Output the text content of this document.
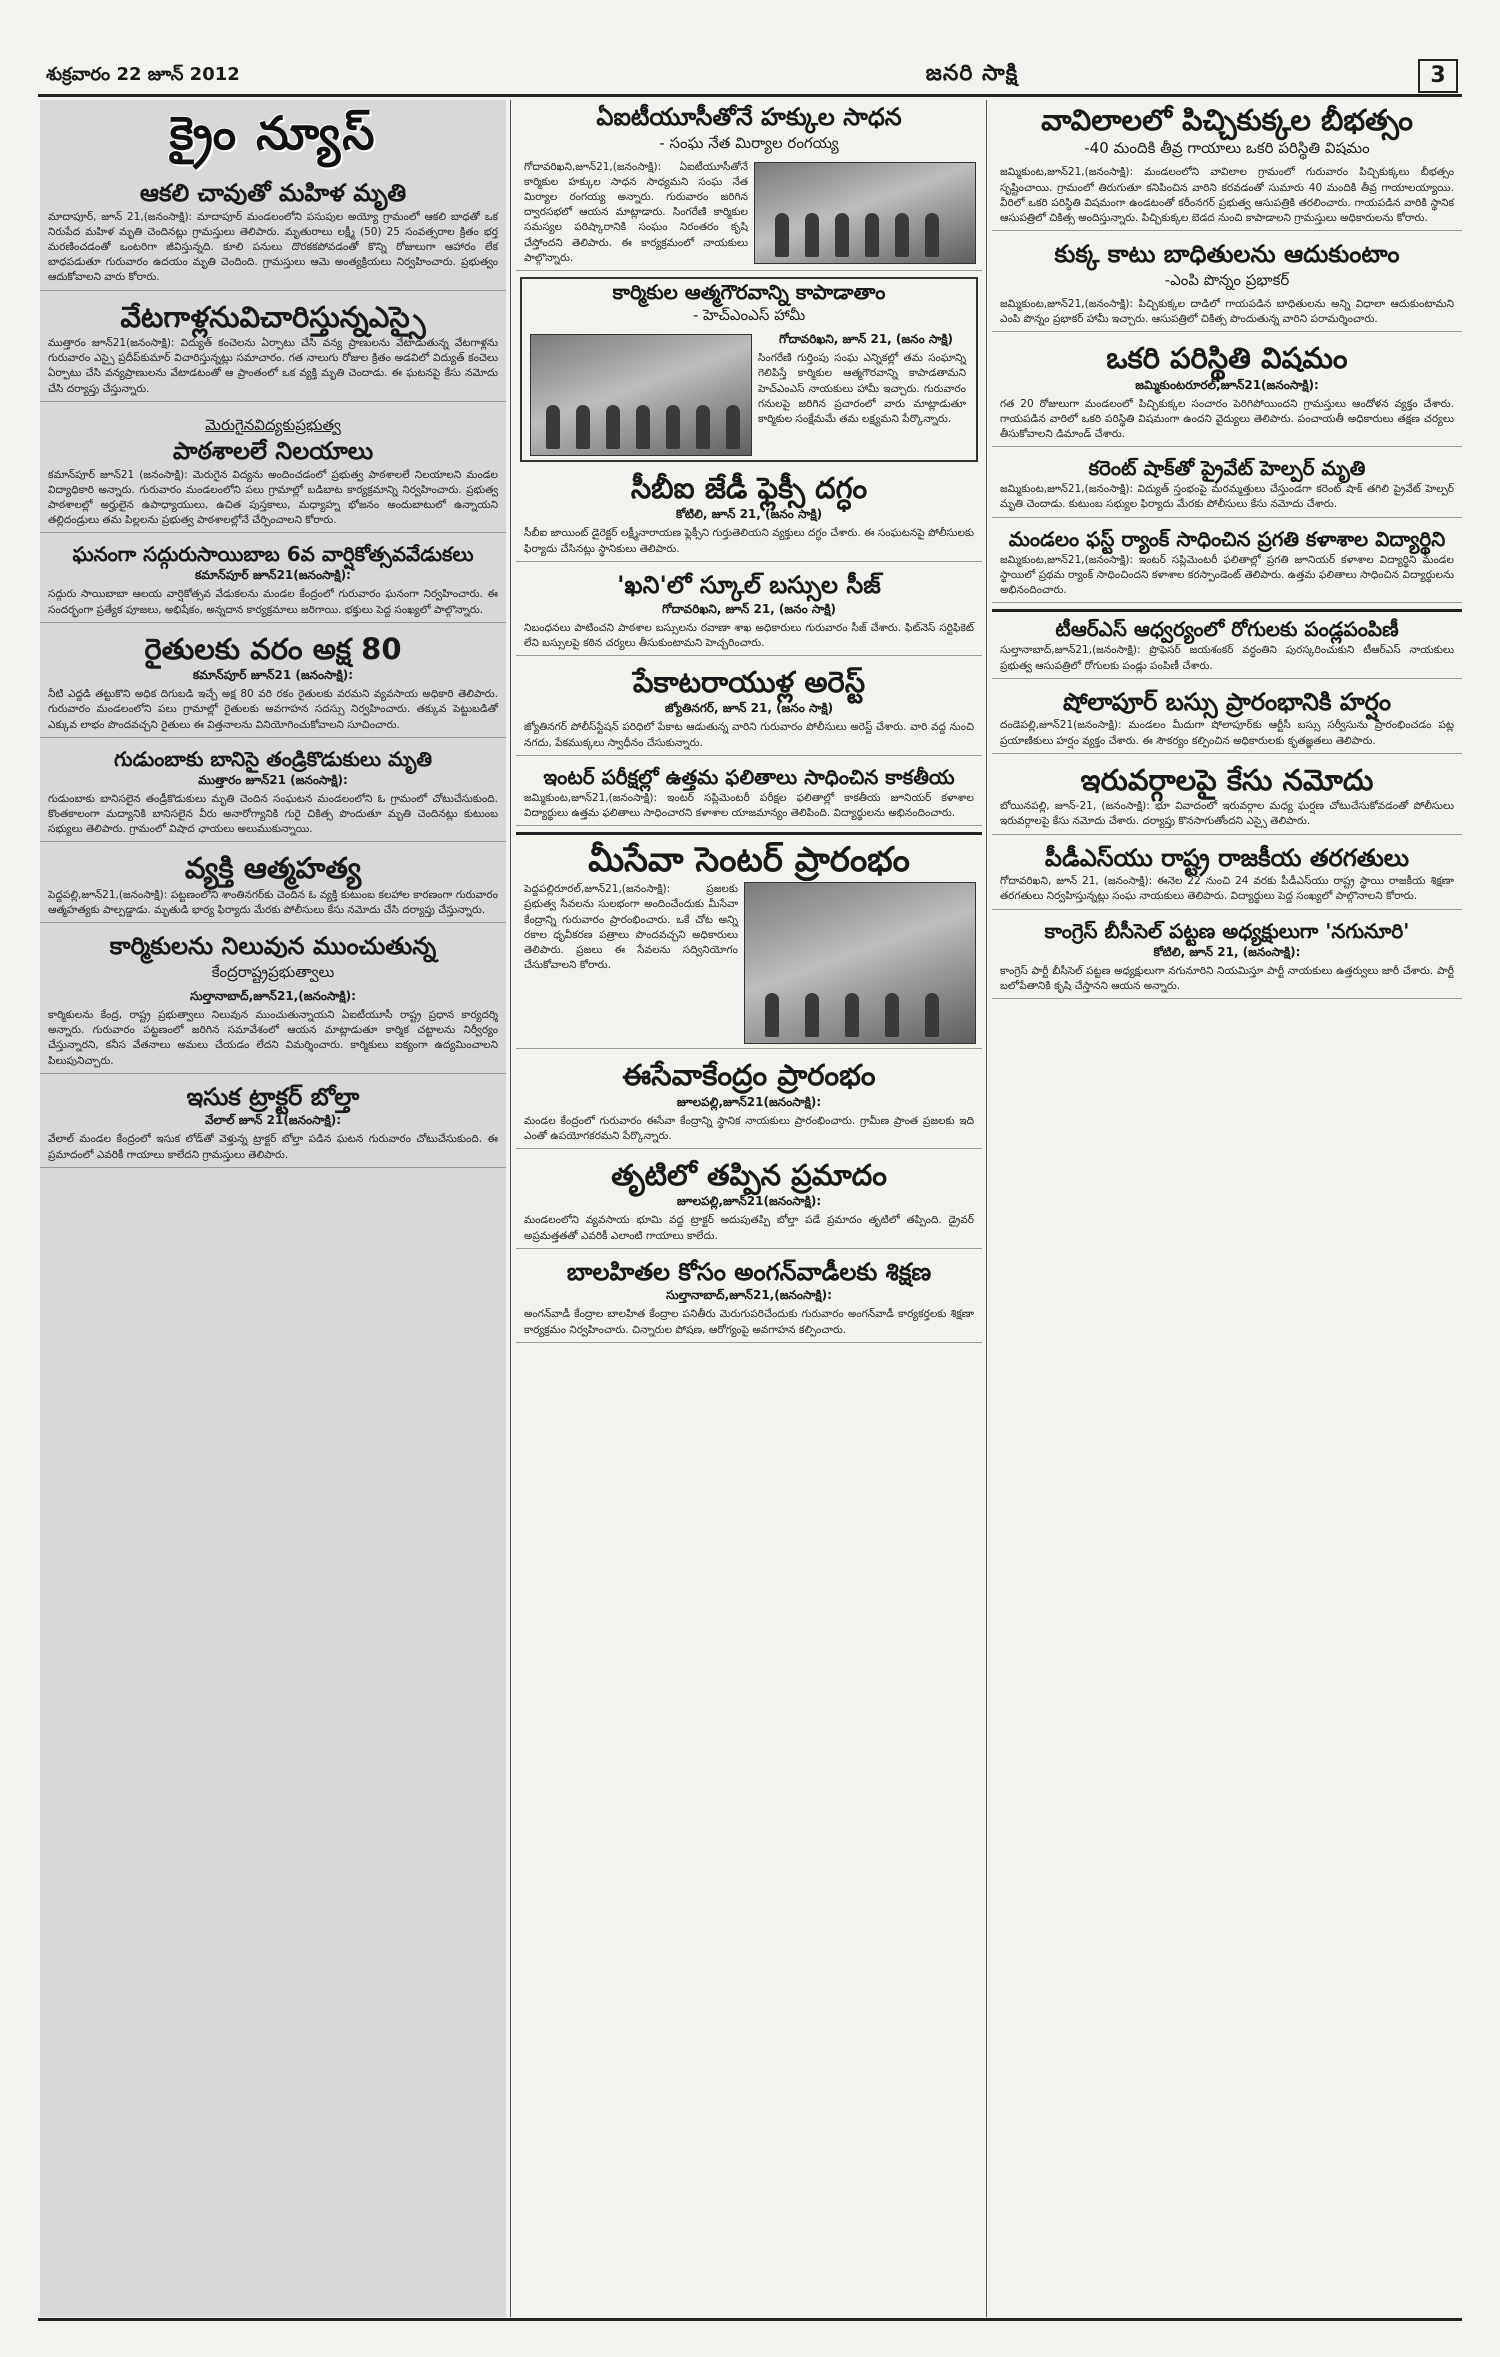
శుక్రవారం 22 జూన్ 2012	జనరి సాక్షి	3
క్రైం న్యూస్
ఆకలి చావుతో మహిళ మృతి

మాదాపూర్, జూన్ 21,(జనంసాక్షి): మాదాపూర్ మండలంలోని పసుపుల అయ్యో గ్రామంలో ఆకలి బాధతో ఒక నిరుపేద మహిళ మృతి చెందినట్లు గ్రామస్తులు తెలిపారు. మృతురాలు లక్ష్మీ (50) 25 సంవత్సరాల క్రితం భర్త మరణించడంతో ఒంటరిగా జీవిస్తున్నది. కూలి పనులు దొరకకపోవడంతో కొన్ని రోజులుగా ఆహారం లేక బాధపడుతూ గురువారం ఉదయం మృతి చెందింది. గ్రామస్తులు ఆమె అంత్యక్రియలు నిర్వహించారు. ప్రభుత్వం ఆదుకోవాలని వారు కోరారు.

వేటగాళ్లనువిచారిస్తున్నఎస్సై

ముత్తారం జూన్21(జనంసాక్షి): విద్యుత్ కంచెలను ఏర్పాటు చేసి వన్య ప్రాణులను వేటాడుతున్న వేటగాళ్లను గురువారం ఎస్సై ప్రదీప్‌కుమార్ విచారిస్తున్నట్లు సమాచారం. గత నాలుగు రోజుల క్రితం అడవిలో విద్యుత్ కంచెలు ఏర్పాటు చేసి వన్యప్రాణులను వేటాడటంతో ఆ ప్రాంతంలో ఒక వ్యక్తి మృతి చెందాడు. ఈ ఘటనపై కేసు నమోదు చేసి దర్యాప్తు చేస్తున్నారు.

మెరుగైనవిద్యకుప్రభుత్వ
పాఠశాలలే నిలయాలు

కమాన్‌పూర్ జూన్21 (జనంసాక్షి): మెరుగైన విద్యను అందించడంలో ప్రభుత్వ పాఠశాలలే నిలయాలని మండల విద్యాధికారి అన్నారు. గురువారం మండలంలోని పలు గ్రామాల్లో బడిబాట కార్యక్రమాన్ని నిర్వహించారు. ప్రభుత్వ పాఠశాలల్లో అర్హులైన ఉపాధ్యాయులు, ఉచిత పుస్తకాలు, మధ్యాహ్న భోజనం అందుబాటులో ఉన్నాయని తల్లిదండ్రులు తమ పిల్లలను ప్రభుత్వ పాఠశాలల్లోనే చేర్పించాలని కోరారు.

ఘనంగా సద్గురుసాయిబాబ 6వ వార్షికోత్సవవేడుకలు
కమాన్‌పూర్ జూన్21(జనంసాక్షి):

సద్గురు సాయిబాబా ఆలయ వార్షికోత్సవ వేడుకలను మండల కేంద్రంలో గురువారం ఘనంగా నిర్వహించారు. ఈ సందర్భంగా ప్రత్యేక పూజలు, అభిషేకం, అన్నదాన కార్యక్రమాలు జరిగాయి. భక్తులు పెద్ద సంఖ్యలో పాల్గొన్నారు.

రైతులకు వరం అక్ష 80
కమాన్‌పూర్ జూన్21 (జనంసాక్షి):

నీటి ఎద్దడి తట్టుకొని అధిక దిగుబడి ఇచ్చే అక్ష 80 వరి రకం రైతులకు వరమని వ్యవసాయ అధికారి తెలిపారు. గురువారం మండలంలోని పలు గ్రామాల్లో రైతులకు అవగాహన సదస్సు నిర్వహించారు. తక్కువ పెట్టుబడితో ఎక్కువ లాభం పొందవచ్చని రైతులు ఈ విత్తనాలను వినియోగించుకోవాలని సూచించారు.

గుడుంబాకు బానిసై తండ్రికొడుకులు మృతి
ముత్తారం జూన్21 (జనంసాక్షి):

గుడుంబాకు బానిసలైన తండ్రీకొడుకులు మృతి చెందిన సంఘటన మండలంలోని ఓ గ్రామంలో చోటుచేసుకుంది. కొంతకాలంగా మద్యానికి బానిసలైన వీరు అనారోగ్యానికి గురై చికిత్స పొందుతూ మృతి చెందినట్లు కుటుంబ సభ్యులు తెలిపారు. గ్రామంలో విషాద ఛాయలు అలుముకున్నాయి.

వ్యక్తి ఆత్మహత్య

పెద్దపల్లి,జూన్21,(జనంసాక్షి): పట్టణంలోని శాంతినగర్‌కు చెందిన ఓ వ్యక్తి కుటుంబ కలహాల కారణంగా గురువారం ఆత్మహత్యకు పాల్పడ్డాడు. మృతుడి భార్య ఫిర్యాదు మేరకు పోలీసులు కేసు నమోదు చేసి దర్యాప్తు చేస్తున్నారు.

కార్మికులను నిలువున ముంచుతున్న
కేంద్రరాష్ట్రప్రభుత్వాలు
సుల్తానాబాద్,జూన్21,(జనంసాక్షి):

కార్మికులను కేంద్ర, రాష్ట్ర ప్రభుత్వాలు నిలువున ముంచుతున్నాయని ఏఐటీయూసీ రాష్ట్ర ప్రధాన కార్యదర్శి అన్నారు. గురువారం పట్టణంలో జరిగిన సమావేశంలో ఆయన మాట్లాడుతూ కార్మిక చట్టాలను నిర్వీర్యం చేస్తున్నారని, కనీస వేతనాలు అమలు చేయడం లేదని విమర్శించారు. కార్మికులు ఐక్యంగా ఉద్యమించాలని పిలుపునిచ్చారు.

ఇసుక ట్రాక్టర్ బోల్తా
వేలాల్ జూన్ 21(జనంసాక్షి):

వేలాల్ మండల కేంద్రంలో ఇసుక లోడ్‌తో వెళ్తున్న ట్రాక్టర్ బోల్తా పడిన ఘటన గురువారం చోటుచేసుకుంది. ఈ ప్రమాదంలో ఎవరికీ గాయాలు కాలేదని గ్రామస్తులు తెలిపారు.

ఏఐటీయూసీతోనే హక్కుల సాధన
- సంఘ నేత మిర్యాల రంగయ్య

గోదావరిఖని,జూన్21,(జనంసాక్షి): ఏఐటీయూసీతోనే కార్మికుల హక్కుల సాధన సాధ్యమని సంఘ నేత మిర్యాల రంగయ్య అన్నారు. గురువారం జరిగిన ద్వారసభలో ఆయన మాట్లాడారు. సింగరేణి కార్మికుల సమస్యల పరిష్కారానికి సంఘం నిరంతరం కృషి చేస్తోందని తెలిపారు. ఈ కార్యక్రమంలో నాయకులు పాల్గొన్నారు.

కార్మికుల ఆత్మగౌరవాన్ని కాపాడాతాం
- హెచ్ఎంఎస్ హామీ
గోదావరిఖని, జూన్ 21, (జనం సాక్షి)

సింగరేణి గుర్తింపు సంఘ ఎన్నికల్లో తమ సంఘాన్ని గెలిపిస్తే కార్మికుల ఆత్మగౌరవాన్ని కాపాడతామని హెచ్ఎంఎస్ నాయకులు హామీ ఇచ్చారు. గురువారం గనులపై జరిగిన ప్రచారంలో వారు మాట్లాడుతూ కార్మికుల సంక్షేమమే తమ లక్ష్యమని పేర్కొన్నారు.

సీబీఐ జేడీ ఫ్లెక్సీ దగ్ధం
కోటిలి, జూన్ 21, (జనం సాక్షి)

సీబీఐ జాయింట్ డైరెక్టర్ లక్ష్మీనారాయణ ఫ్లెక్సీని గుర్తుతెలియని వ్యక్తులు దగ్ధం చేశారు. ఈ సంఘటనపై పోలీసులకు ఫిర్యాదు చేసినట్లు స్థానికులు తెలిపారు.

'ఖని'లో స్కూల్ బస్సుల సీజ్
గోదావరిఖని, జూన్ 21, (జనం సాక్షి)

నిబంధనలు పాటించని పాఠశాల బస్సులను రవాణా శాఖ అధికారులు గురువారం సీజ్ చేశారు. ఫిట్‌నెస్ సర్టిఫికెట్ లేని బస్సులపై కఠిన చర్యలు తీసుకుంటామని హెచ్చరించారు.

పేకాటరాయుళ్ల అరెస్ట్
జ్యోతినగర్, జూన్ 21, (జనం సాక్షి)

జ్యోతినగర్ పోలీస్‌స్టేషన్ పరిధిలో పేకాట ఆడుతున్న వారిని గురువారం పోలీసులు అరెస్ట్ చేశారు. వారి వద్ద నుంచి నగదు, పేకముక్కలు స్వాధీనం చేసుకున్నారు.

ఇంటర్ పరీక్షల్లో ఉత్తమ ఫలితాలు సాధించిన కాకతీయ

జమ్మికుంట,జూన్21,(జనంసాక్షి): ఇంటర్ సప్లిమెంటరీ పరీక్షల ఫలితాల్లో కాకతీయ జూనియర్ కళాశాల విద్యార్థులు ఉత్తమ ఫలితాలు సాధించారని కళాశాల యాజమాన్యం తెలిపింది. విద్యార్థులను అభినందించారు.

మీసేవా సెంటర్ ప్రారంభం

పెద్దపల్లిరూరల్,జూన్21,(జనంసాక్షి): ప్రజలకు ప్రభుత్వ సేవలను సులభంగా అందించేందుకు మీసేవా కేంద్రాన్ని గురువారం ప్రారంభించారు. ఒకే చోట అన్ని రకాల ధృవీకరణ పత్రాలు పొందవచ్చని అధికారులు తెలిపారు. ప్రజలు ఈ సేవలను సద్వినియోగం చేసుకోవాలని కోరారు.

ఈసేవాకేంద్రం ప్రారంభం
జూలపల్లి,జూన్21(జనంసాక్షి):

మండల కేంద్రంలో గురువారం ఈసేవా కేంద్రాన్ని స్థానిక నాయకులు ప్రారంభించారు. గ్రామీణ ప్రాంత ప్రజలకు ఇది ఎంతో ఉపయోగకరమని పేర్కొన్నారు.

తృటిలో తప్పిన ప్రమాదం
జూలపల్లి,జూన్21(జనంసాక్షి):

మండలంలోని వ్యవసాయ భూమి వద్ద ట్రాక్టర్ అదుపుతప్పి బోల్తా పడే ప్రమాదం తృటిలో తప్పింది. డ్రైవర్ అప్రమత్తతతో ఎవరికీ ఎలాంటి గాయాలు కాలేదు.

బాలహితల కోసం అంగన్‌వాడీలకు శిక్షణ
సుల్తానాబాద్,జూన్21,(జనంసాక్షి):

అంగన్‌వాడీ కేంద్రాల బాలహిత కేంద్రాల పనితీరు మెరుగుపరిచేందుకు గురువారం అంగన్‌వాడీ కార్యకర్తలకు శిక్షణా కార్యక్రమం నిర్వహించారు. చిన్నారుల పోషణ, ఆరోగ్యంపై అవగాహన కల్పించారు.

వావిలాలలో పిచ్చికుక్కల బీభత్సం
-40 మందికి తీవ్ర గాయాలు ఒకరి పరిస్థితి విషమం

జమ్మికుంట,జూన్21,(జనంసాక్షి): మండలంలోని వావిలాల గ్రామంలో గురువారం పిచ్చికుక్కలు బీభత్సం సృష్టించాయి. గ్రామంలో తిరుగుతూ కనిపించిన వారిని కరవడంతో సుమారు 40 మందికి తీవ్ర గాయాలయ్యాయి. వీరిలో ఒకరి పరిస్థితి విషమంగా ఉండటంతో కరీంనగర్ ప్రభుత్వ ఆసుపత్రికి తరలించారు. గాయపడిన వారికి స్థానిక ఆసుపత్రిలో చికిత్స అందిస్తున్నారు. పిచ్చికుక్కల బెడద నుంచి కాపాడాలని గ్రామస్తులు అధికారులను కోరారు.

కుక్క కాటు బాధితులను ఆదుకుంటాం
-ఎంపి పొన్నం ప్రభాకర్

జమ్మికుంట,జూన్21,(జనంసాక్షి): పిచ్చికుక్కల దాడిలో గాయపడిన బాధితులను అన్ని విధాలా ఆదుకుంటామని ఎంపి పొన్నం ప్రభాకర్ హామీ ఇచ్చారు. ఆసుపత్రిలో చికిత్స పొందుతున్న వారిని పరామర్శించారు.

ఒకరి పరిస్థితి విషమం
జమ్మికుంటరూరల్,జూన్21(జనంసాక్షి):

గత 20 రోజులుగా మండలంలో పిచ్చికుక్కల సంచారం పెరిగిపోయిందని గ్రామస్తులు ఆందోళన వ్యక్తం చేశారు. గాయపడిన వారిలో ఒకరి పరిస్థితి విషమంగా ఉందని వైద్యులు తెలిపారు. పంచాయతీ అధికారులు తక్షణ చర్యలు తీసుకోవాలని డిమాండ్ చేశారు.

కరెంట్ షాక్‌తో ప్రైవేట్ హెల్పర్ మృతి

జమ్మికుంట,జూన్21,(జనంసాక్షి): విద్యుత్ స్తంభంపై మరమ్మత్తులు చేస్తుండగా కరెంట్ షాక్ తగిలి ప్రైవేట్ హెల్పర్ మృతి చెందాడు. కుటుంబ సభ్యుల ఫిర్యాదు మేరకు పోలీసులు కేసు నమోదు చేశారు.

మండలం ఫస్ట్ ర్యాంక్ సాధించిన ప్రగతి కళాశాల విద్యార్థిని

జమ్మికుంట,జూన్21,(జనంసాక్షి): ఇంటర్ సప్లిమెంటరీ ఫలితాల్లో ప్రగతి జూనియర్ కళాశాల విద్యార్థిని మండల స్థాయిలో ప్రథమ ర్యాంక్ సాధించిందని కళాశాల కరస్పాండెంట్ తెలిపారు. ఉత్తమ ఫలితాలు సాధించిన విద్యార్థులను అభినందించారు.

టీఆర్ఎస్ ఆధ్వర్యంలో రోగులకు పండ్లపంపిణీ

సుల్తానాబాద్,జూన్21,(జనంసాక్షి): ప్రొఫెసర్ జయశంకర్ వర్ధంతిని పురస్కరించుకుని టీఆర్ఎస్ నాయకులు ప్రభుత్వ ఆసుపత్రిలో రోగులకు పండ్లు పంపిణీ చేశారు.

షోలాపూర్ బస్సు ప్రారంభానికి హర్షం

దండెపల్లి,జూన్21(జనంసాక్షి): మండలం మీదుగా షోలాపూర్‌కు ఆర్టీసీ బస్సు సర్వీసును ప్రారంభించడం పట్ల ప్రయాణికులు హర్షం వ్యక్తం చేశారు. ఈ సౌకర్యం కల్పించిన అధికారులకు కృతజ్ఞతలు తెలిపారు.

ఇరువర్గాలపై కేసు నమోదు

బోయినపల్లి, జూన్-21, (జనంసాక్షి): భూ వివాదంలో ఇరువర్గాల మధ్య ఘర్షణ చోటుచేసుకోవడంతో పోలీసులు ఇరువర్గాలపై కేసు నమోదు చేశారు. దర్యాప్తు కొనసాగుతోందని ఎస్సై తెలిపారు.

పీడీఎస్‌యు రాష్ట్ర రాజకీయ తరగతులు

గోదావరిఖని, జూన్ 21, (జనంసాక్షి): ఈనెల 22 నుంచి 24 వరకు పీడీఎస్‌యు రాష్ట్ర స్థాయి రాజకీయ శిక్షణా తరగతులు నిర్వహిస్తున్నట్లు సంఘ నాయకులు తెలిపారు. విద్యార్థులు పెద్ద సంఖ్యలో పాల్గొనాలని కోరారు.

కాంగ్రెస్ బీసీసెల్ పట్టణ అధ్యక్షులుగా 'నగునూరి'
కోటిలి, జూన్ 21, (జనంసాక్షి):

కాంగ్రెస్ పార్టీ బీసీసెల్ పట్టణ అధ్యక్షులుగా నగునూరిని నియమిస్తూ పార్టీ నాయకులు ఉత్తర్వులు జారీ చేశారు. పార్టీ బలోపేతానికి కృషి చేస్తానని ఆయన అన్నారు.
